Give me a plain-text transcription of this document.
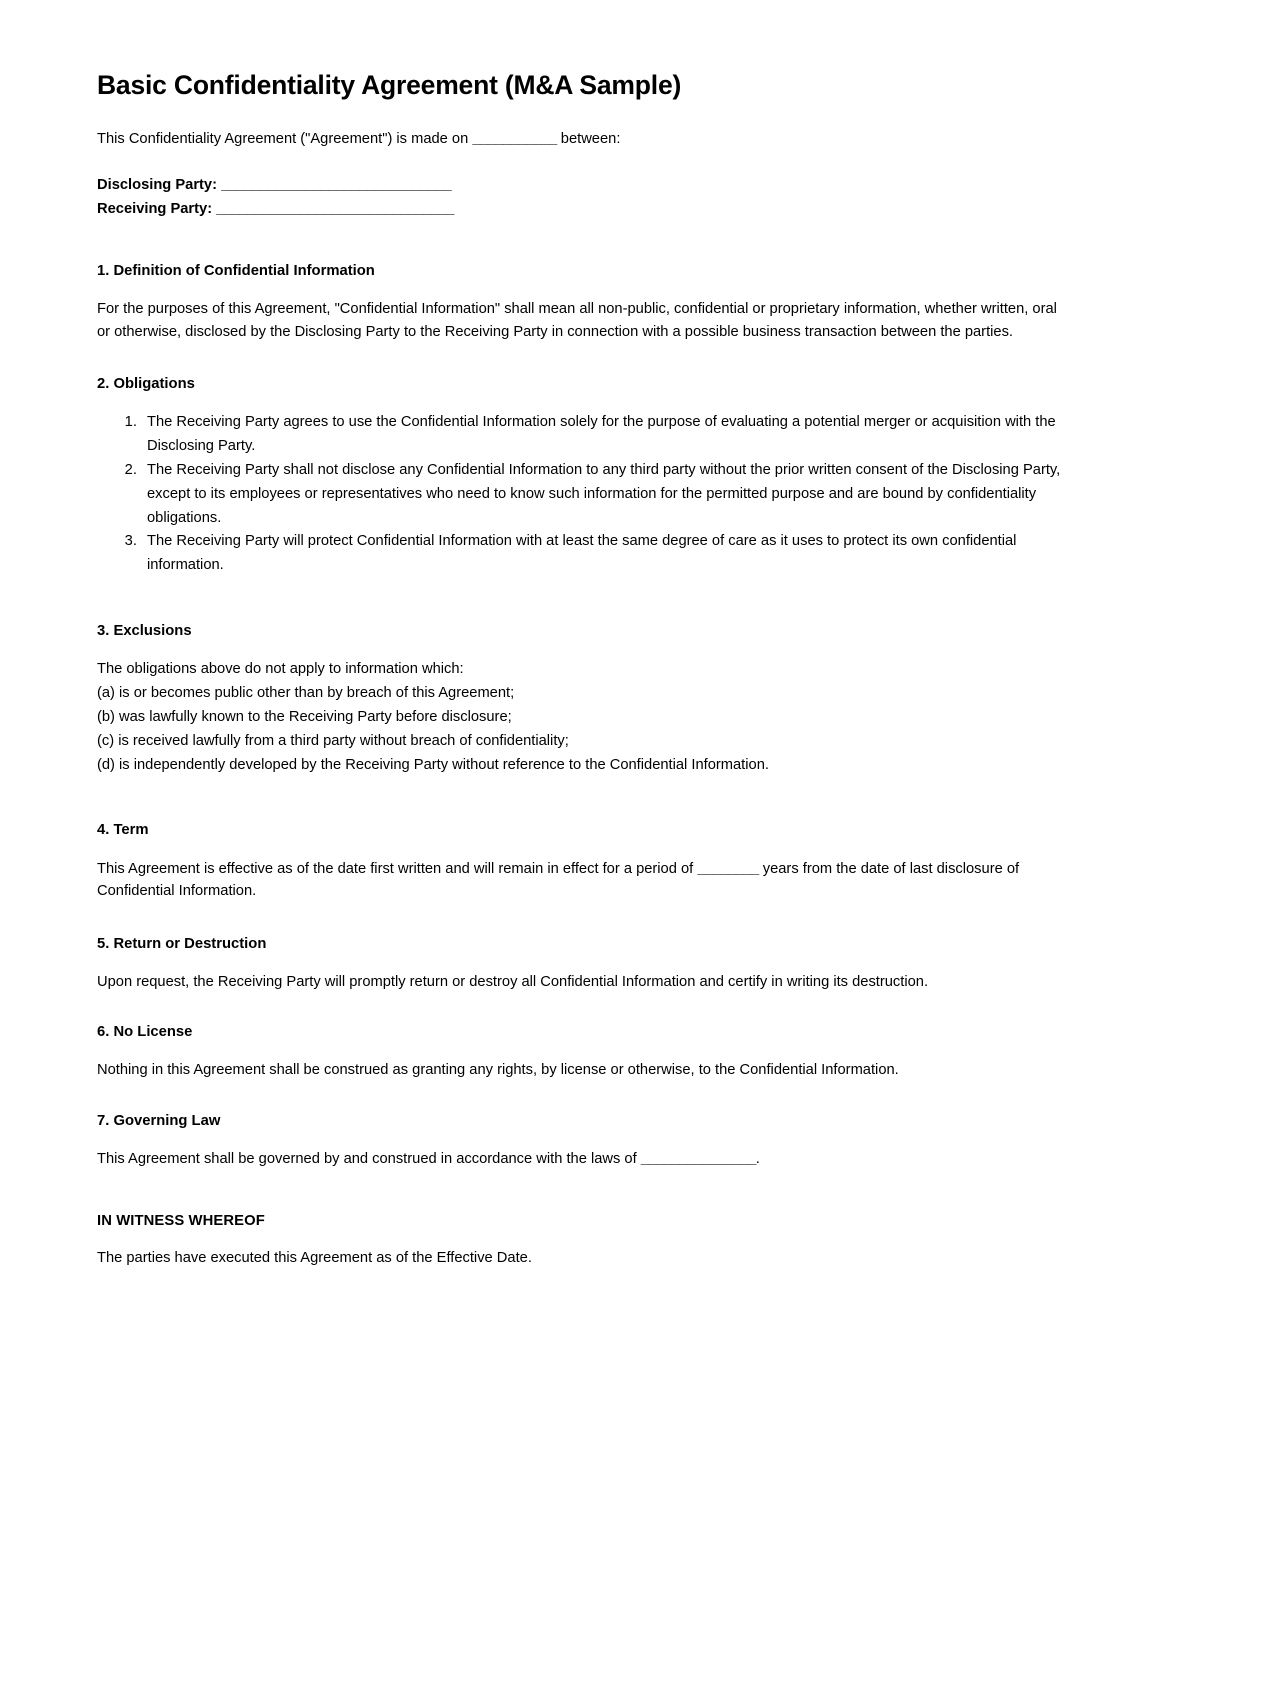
Basic Confidentiality Agreement (M&A Sample)

This Confidentiality Agreement ("Agreement") is made on ___________ between:

Disclosing Party: ______________________________
Receiving Party: _______________________________
1. Definition of Confidential Information

For the purposes of this Agreement, "Confidential Information" shall mean all non-public, confidential or proprietary information, whether written, oral or otherwise, disclosed by the Disclosing Party to the Receiving Party in connection with a possible business transaction between the parties.

2. Obligations
1. The Receiving Party agrees to use the Confidential Information solely for the purpose of evaluating a potential merger or acquisition with the Disclosing Party.
2. The Receiving Party shall not disclose any Confidential Information to any third party without the prior written consent of the Disclosing Party, except to its employees or representatives who need to know such information for the permitted purpose and are bound by confidentiality obligations.
3. The Receiving Party will protect Confidential Information with at least the same degree of care as it uses to protect its own confidential information.
3. Exclusions
The obligations above do not apply to information which:
(a) is or becomes public other than by breach of this Agreement;
(b) was lawfully known to the Receiving Party before disclosure;
(c) is received lawfully from a third party without breach of confidentiality;
(d) is independently developed by the Receiving Party without reference to the Confidential Information.
4. Term

This Agreement is effective as of the date first written and will remain in effect for a period of ________ years from the date of last disclosure of Confidential Information.

5. Return or Destruction

Upon request, the Receiving Party will promptly return or destroy all Confidential Information and certify in writing its destruction.

6. No License

Nothing in this Agreement shall be construed as granting any rights, by license or otherwise, to the Confidential Information.

7. Governing Law

This Agreement shall be governed by and construed in accordance with the laws of _______________.

IN WITNESS WHEREOF

The parties have executed this Agreement as of the Effective Date.
